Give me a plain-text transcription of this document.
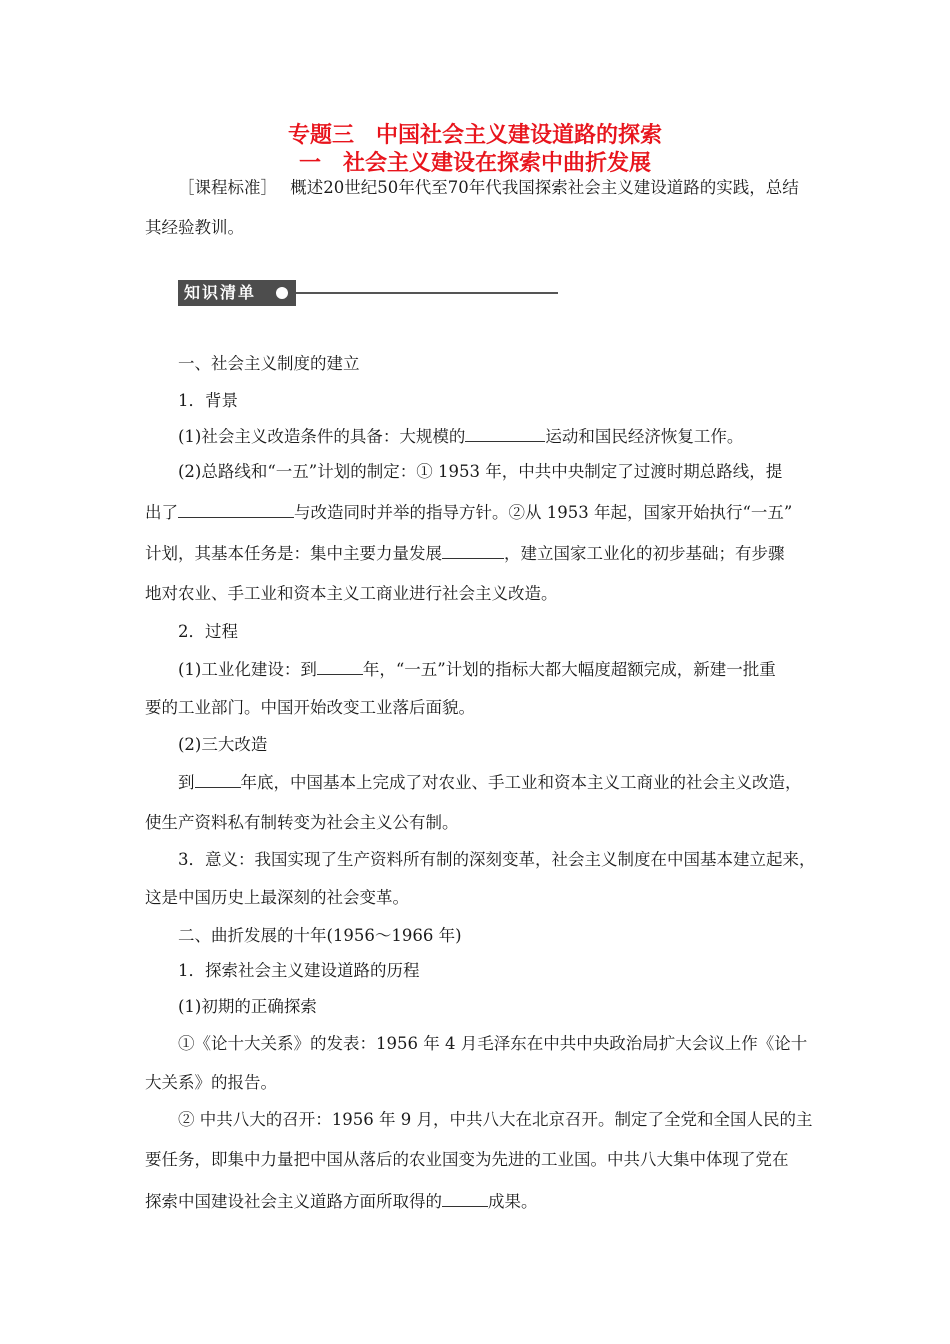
专题三　中国社会主义建设道路的探索
一　社会主义建设在探索中曲折发展
［课程标准］ 概述20世纪50年代至70年代我国探索社会主义建设道路的实践，总结
其经验教训。
知识清单
一、社会主义制度的建立
1．背景
(1)社会主义改造条件的具备：大规模的	运动和国民经济恢复工作。
(2)总路线和“一五”计划的制定：① 1953 年，中共中央制定了过渡时期总路线，提
出了	与改造同时并举的指导方针。②从 1953 年起，国家开始执行“一五”
计划，其基本任务是：集中主要力量发展	，建立国家工业化的初步基础；有步骤
地对农业、手工业和资本主义工商业进行社会主义改造。
2．过程
(1)工业化建设：到	年，“一五”计划的指标大都大幅度超额完成，新建一批重
要的工业部门。中国开始改变工业落后面貌。
(2)三大改造
到	年底，中国基本上完成了对农业、手工业和资本主义工商业的社会主义改造，
使生产资料私有制转变为社会主义公有制。
3．意义：我国实现了生产资料所有制的深刻变革，社会主义制度在中国基本建立起来，
这是中国历史上最深刻的社会变革。
二、曲折发展的十年(1956～1966 年)
1．探索社会主义建设道路的历程
(1)初期的正确探索
①《论十大关系》的发表：1956 年 4 月毛泽东在中共中央政治局扩大会议上作《论十
大关系》的报告。
② 中共八大的召开：1956 年 9 月，中共八大在北京召开。制定了全党和全国人民的主
要任务，即集中力量把中国从落后的农业国变为先进的工业国。中共八大集中体现了党在
探索中国建设社会主义道路方面所取得的	成果。
